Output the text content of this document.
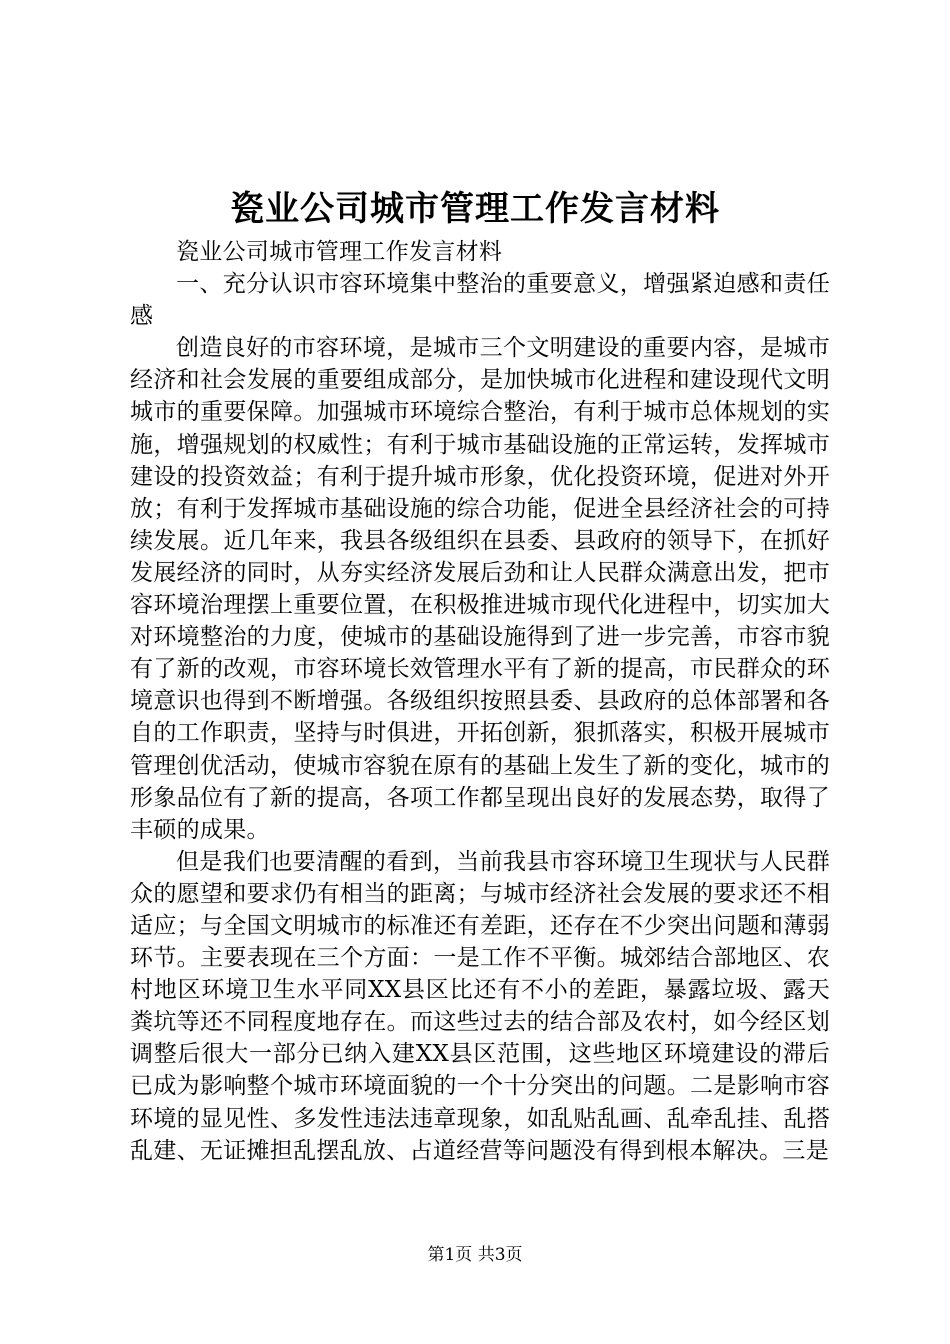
瓷业公司城市管理工作发言材料

瓷业公司城市管理工作发言材料

一、充分认识市容环境集中整治的重要意义，增强紧迫感和责任感

创造良好的市容环境，是城市三个文明建设的重要内容，是城市经济和社会发展的重要组成部分，是加快城市化进程和建设现代文明城市的重要保障。加强城市环境综合整治，有利于城市总体规划的实施，增强规划的权威性；有利于城市基础设施的正常运转，发挥城市建设的投资效益；有利于提升城市形象，优化投资环境，促进对外开放；有利于发挥城市基础设施的综合功能，促进全县经济社会的可持续发展。近几年来，我县各级组织在县委、县政府的领导下，在抓好发展经济的同时，从夯实经济发展后劲和让人民群众满意出发，把市容环境治理摆上重要位置，在积极推进城市现代化进程中，切实加大对环境整治的力度，使城市的基础设施得到了进一步完善，市容市貌有了新的改观，市容环境长效管理水平有了新的提高，市民群众的环境意识也得到不断增强。各级组织按照县委、县政府的总体部署和各自的工作职责，坚持与时俱进，开拓创新，狠抓落实，积极开展城市管理创优活动，使城市容貌在原有的基础上发生了新的变化，城市的形象品位有了新的提高，各项工作都呈现出良好的发展态势，取得了丰硕的成果。

但是我们也要清醒的看到，当前我县市容环境卫生现状与人民群众的愿望和要求仍有相当的距离；与城市经济社会发展的要求还不相适应；与全国文明城市的标准还有差距，还存在不少突出问题和薄弱环节。主要表现在三个方面：一是工作不平衡。城郊结合部地区、农村地区环境卫生水平同XX县区比还有不小的差距，暴露垃圾、露天粪坑等还不同程度地存在。而这些过去的结合部及农村，如今经区划调整后很大一部分已纳入建XX县区范围，这些地区环境建设的滞后已成为影响整个城市环境面貌的一个十分突出的问题。二是影响市容环境的显见性、多发性违法违章现象，如乱贴乱画、乱牵乱挂、乱搭乱建、无证摊担乱摆乱放、占道经营等问题没有得到根本解决。三是

第1页 共3页
